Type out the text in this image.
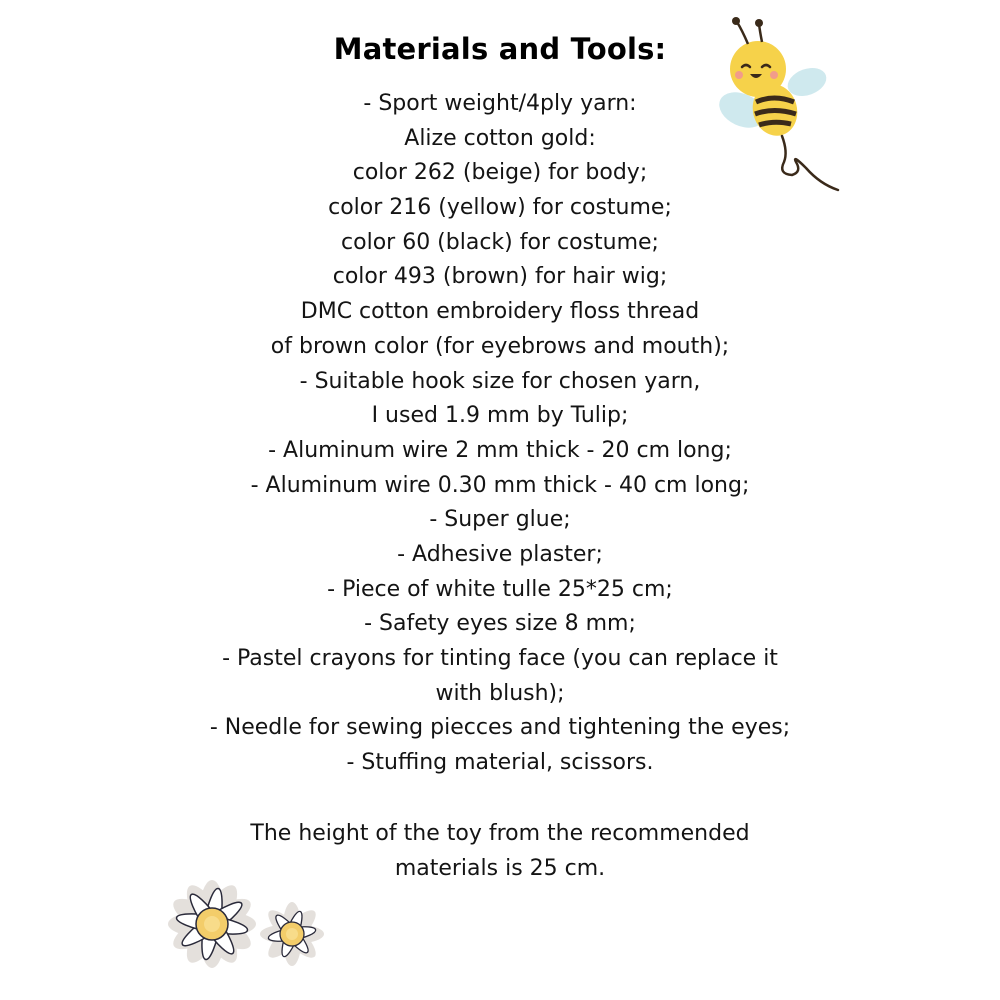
Materials and Tools:
- Sport weight/4ply yarn:
Alize cotton gold:
color 262 (beige) for body;
color 216 (yellow) for costume;
color 60 (black) for costume;
color 493 (brown) for hair wig;
DMC cotton embroidery floss thread
of brown color (for eyebrows and mouth);
- Suitable hook size for chosen yarn,
I used 1.9 mm by Tulip;
- Aluminum wire 2 mm thick - 20 cm long;
- Aluminum wire 0.30 mm thick - 40 cm long;
- Super glue;
- Adhesive plaster;
- Piece of white tulle 25*25 cm;
- Safety eyes size 8 mm;
- Pastel crayons for tinting face (you can replace it
with blush);
- Needle for sewing piecces and tightening the eyes;
- Stuffing material, scissors.
The height of the toy from the recommended
materials is 25 cm.
